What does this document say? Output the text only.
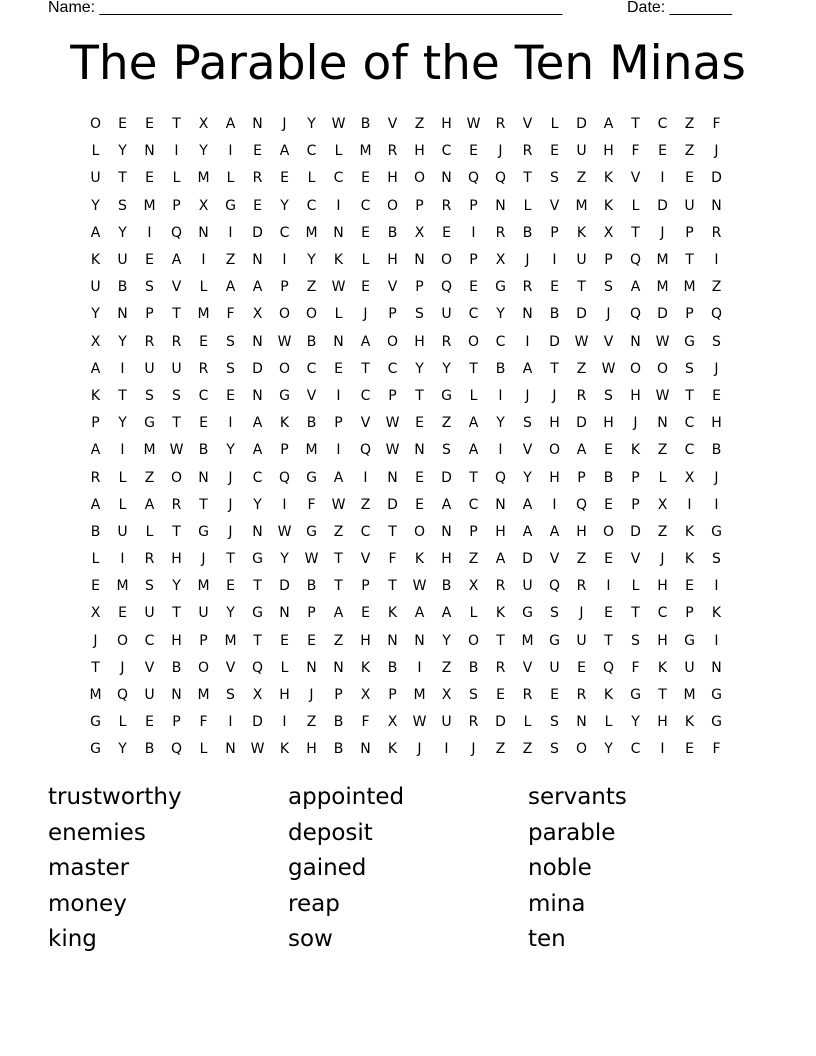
Name: ____________________________________________________	Date: _______
The Parable of the Ten Minas
O	E	E	T	X	A	N	J	Y	W	B	V	Z	H	W	R	V	L	D	A	T	C	Z	F
L	Y	N	I	Y	I	E	A	C	L	M	R	H	C	E	J	R	E	U	H	F	E	Z	J
U	T	E	L	M	L	R	E	L	C	E	H	O	N	Q	Q	T	S	Z	K	V	I	E	D
Y	S	M	P	X	G	E	Y	C	I	C	O	P	R	P	N	L	V	M	K	L	D	U	N
A	Y	I	Q	N	I	D	C	M	N	E	B	X	E	I	R	B	P	K	X	T	J	P	R
K	U	E	A	I	Z	N	I	Y	K	L	H	N	O	P	X	J	I	U	P	Q	M	T	I
U	B	S	V	L	A	A	P	Z	W	E	V	P	Q	E	G	R	E	T	S	A	M	M	Z
Y	N	P	T	M	F	X	O	O	L	J	P	S	U	C	Y	N	B	D	J	Q	D	P	Q
X	Y	R	R	E	S	N	W	B	N	A	O	H	R	O	C	I	D	W	V	N	W	G	S
A	I	U	U	R	S	D	O	C	E	T	C	Y	Y	T	B	A	T	Z	W	O	O	S	J
K	T	S	S	C	E	N	G	V	I	C	P	T	G	L	I	J	J	R	S	H	W	T	E
P	Y	G	T	E	I	A	K	B	P	V	W	E	Z	A	Y	S	H	D	H	J	N	C	H
A	I	M	W	B	Y	A	P	M	I	Q	W	N	S	A	I	V	O	A	E	K	Z	C	B
R	L	Z	O	N	J	C	Q	G	A	I	N	E	D	T	Q	Y	H	P	B	P	L	X	J
A	L	A	R	T	J	Y	I	F	W	Z	D	E	A	C	N	A	I	Q	E	P	X	I	I
B	U	L	T	G	J	N	W	G	Z	C	T	O	N	P	H	A	A	H	O	D	Z	K	G
L	I	R	H	J	T	G	Y	W	T	V	F	K	H	Z	A	D	V	Z	E	V	J	K	S
E	M	S	Y	M	E	T	D	B	T	P	T	W	B	X	R	U	Q	R	I	L	H	E	I
X	E	U	T	U	Y	G	N	P	A	E	K	A	A	L	K	G	S	J	E	T	C	P	K
J	O	C	H	P	M	T	E	E	Z	H	N	N	Y	O	T	M	G	U	T	S	H	G	I
T	J	V	B	O	V	Q	L	N	N	K	B	I	Z	B	R	V	U	E	Q	F	K	U	N
M	Q	U	N	M	S	X	H	J	P	X	P	M	X	S	E	R	E	R	K	G	T	M	G
G	L	E	P	F	I	D	I	Z	B	F	X	W	U	R	D	L	S	N	L	Y	H	K	G
G	Y	B	Q	L	N	W	K	H	B	N	K	J	I	J	Z	Z	S	O	Y	C	I	E	F
trustworthy
enemies
master
money
king
appointed
deposit
gained
reap
sow
servants
parable
noble
mina
ten
